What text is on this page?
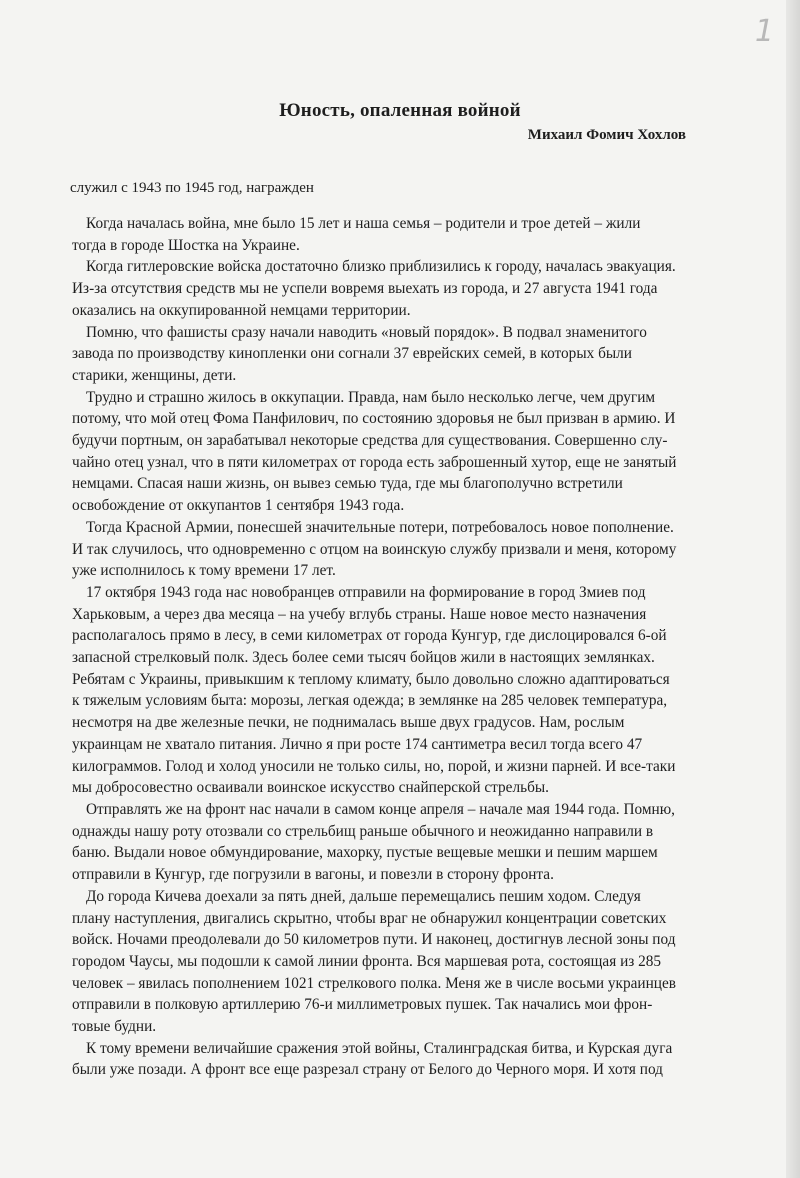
1
Юность, опаленная войной
Михаил Фомич Хохлов
служил с 1943 по 1945 год, награжден
Когда началась война, мне было 15 лет и наша семья – родители и трое детей – жили
тогда в городе Шостка на Украине.
Когда гитлеровские войска достаточно близко приблизились к городу, началась эвакуация.
Из-за отсутствия средств мы не успели вовремя выехать из города, и 27 августа 1941 года
оказались на оккупированной немцами территории.
Помню, что фашисты сразу начали наводить «новый порядок». В подвал знаменитого
завода по производству кинопленки они согнали 37 еврейских семей, в которых были
старики, женщины, дети.
Трудно и страшно жилось в оккупации. Правда, нам было несколько легче, чем другим
потому, что мой отец Фома Панфилович, по состоянию здоровья не был призван в армию. И
будучи портным, он зарабатывал некоторые средства для существования. Совершенно слу-
чайно отец узнал, что в пяти километрах от города есть заброшенный хутор, еще не занятый
немцами. Спасая наши жизнь, он вывез семью туда, где мы благополучно встретили
освобождение от оккупантов 1 сентября 1943 года.
Тогда Красной Армии, понесшей значительные потери, потребовалось новое пополнение.
И так случилось, что одновременно с отцом на воинскую службу призвали и меня, которому
уже исполнилось к тому времени 17 лет.
17 октября 1943 года нас новобранцев отправили на формирование в город Змиев под
Харьковым, а через два месяца – на учебу вглубь страны. Наше новое место назначения
располагалось прямо в лесу, в семи километрах от города Кунгур, где дислоцировался 6-ой
запасной стрелковый полк. Здесь более семи тысяч бойцов жили в настоящих землянках.
Ребятам с Украины, привыкшим к теплому климату, было довольно сложно адаптироваться
к тяжелым условиям быта: морозы, легкая одежда; в землянке на 285 человек температура,
несмотря на две железные печки, не поднималась выше двух градусов. Нам, рослым
украинцам не хватало питания. Лично я при росте 174 сантиметра весил тогда всего 47
килограммов. Голод и холод уносили не только силы, но, порой, и жизни парней. И все-таки
мы добросовестно осваивали воинское искусство снайперской стрельбы.
Отправлять же на фронт нас начали в самом конце апреля – начале мая 1944 года. Помню,
однажды нашу роту отозвали со стрельбищ раньше обычного и неожиданно направили в
баню. Выдали новое обмундирование, махорку, пустые вещевые мешки и пешим маршем
отправили в Кунгур, где погрузили в вагоны, и повезли в сторону фронта.
До города Кичева доехали за пять дней, дальше перемещались пешим ходом. Следуя
плану наступления, двигались скрытно, чтобы враг не обнаружил концентрации советских
войск. Ночами преодолевали до 50 километров пути. И наконец, достигнув лесной зоны под
городом Чаусы, мы подошли к самой линии фронта. Вся маршевая рота, состоящая из 285
человек – явилась пополнением 1021 стрелкового полка. Меня же в числе восьми украинцев
отправили в полковую артиллерию 76-и миллиметровых пушек. Так начались мои фрон-
товые будни.
К тому времени величайшие сражения этой войны, Сталинградская битва, и Курская дуга
были уже позади. А фронт все еще разрезал страну от Белого до Черного моря. И хотя под
